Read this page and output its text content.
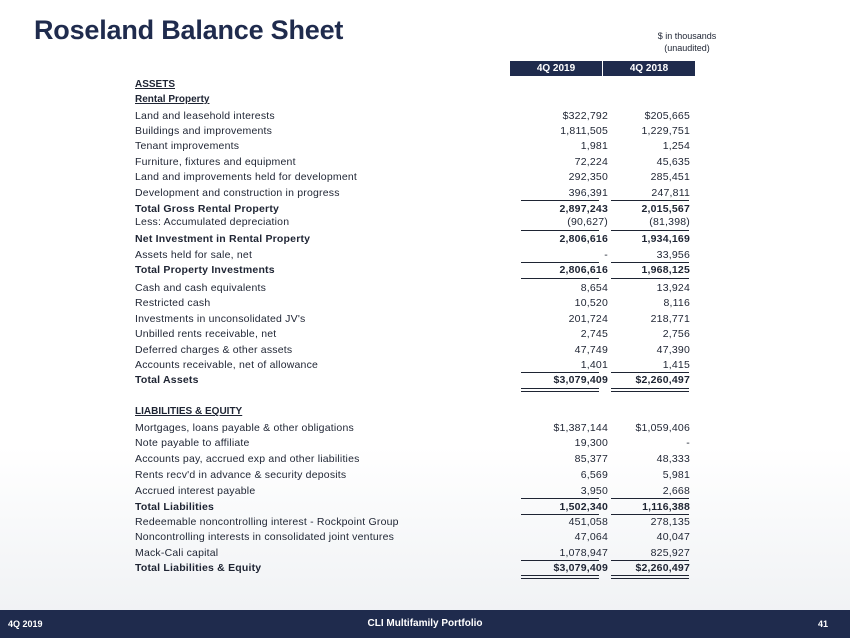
Roseland Balance Sheet	$ in thousands
(unaudited)
4Q 2019	4Q 2018
ASSETS
Rental Property
Land and leasehold interests	$322,792	$205,665
Buildings and improvements	1,811,505	1,229,751
Tenant improvements	1,981	1,254
Furniture, fixtures and equipment	72,224	45,635
Land and improvements held for development	292,350	285,451
Development and construction in progress	396,391	247,811
Total Gross Rental Property	2,897,243	2,015,567
Less: Accumulated depreciation	(90,627)	(81,398)
Net Investment in Rental Property	2,806,616	1,934,169
Assets held for sale, net	-	33,956
Total Property Investments	2,806,616	1,968,125
Cash and cash equivalents	8,654	13,924
Restricted cash	10,520	8,116
Investments in unconsolidated JV's	201,724	218,771
Unbilled rents receivable, net	2,745	2,756
Deferred charges & other assets	47,749	47,390
Accounts receivable, net of allowance	1,401	1,415
Total Assets	$3,079,409	$2,260,497
LIABILITIES & EQUITY
Mortgages, loans payable & other obligations	$1,387,144	$1,059,406
Note payable to affiliate	19,300	-
Accounts pay, accrued exp and other liabilities	85,377	48,333
Rents recv'd in advance & security deposits	6,569	5,981
Accrued interest payable	3,950	2,668
Total Liabilities	1,502,340	1,116,388
Redeemable noncontrolling interest - Rockpoint Group	451,058	278,135
Noncontrolling interests in consolidated joint ventures	47,064	40,047
Mack-Cali capital	1,078,947	825,927
Total Liabilities & Equity	$3,079,409	$2,260,497
4Q 2019	CLI Multifamily Portfolio	41
